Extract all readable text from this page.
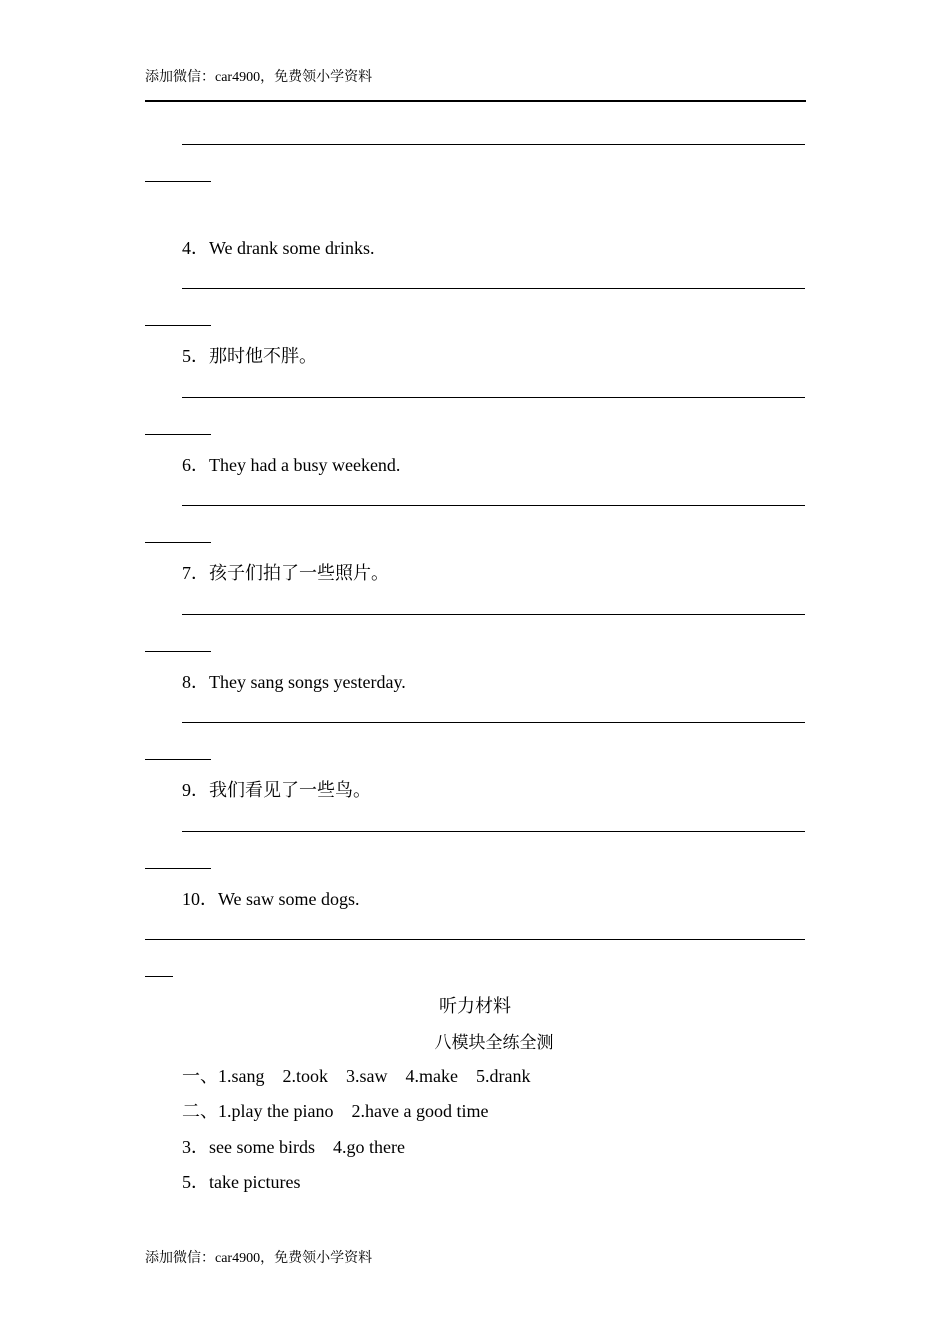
添加微信：car4900，免费领小学资料
4．We drank some drinks.
5．那时他不胖。
6．They had a busy weekend.
7．孩子们拍了一些照片。
8．They sang songs yesterday.
9．我们看见了一些鸟。
10．We saw some dogs.
听力材料
八模块全练全测
一、1.sang　2.took　3.saw　4.make　5.drank
二、1.play the piano　2.have a good time
3．see some birds　4.go there
5．take pictures
添加微信：car4900，免费领小学资料
